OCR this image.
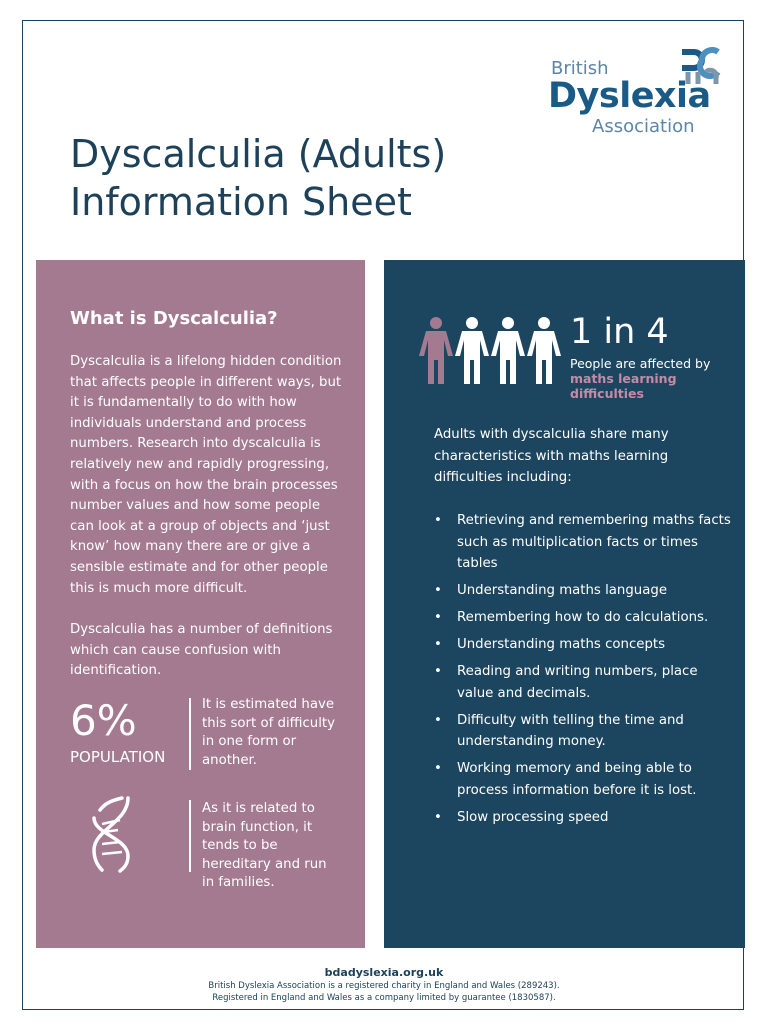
British
Dyslexia
Association
Dyscalculia (Adults)
Information Sheet
What is Dyscalculia?
Dyscalculia is a lifelong hidden condition that affects people in different ways, but it is fundamentally to do with how individuals understand and process numbers. Research into dyscalculia is relatively new and rapidly progressing, with a focus on how the brain processes number values and how some people can look at a group of objects and ‘just know’ how many there are or give a sensible estimate and for other people this is much more difficult.
Dyscalculia has a number of definitions which can cause confusion with identification.
6%
POPULATION
It is estimated have this sort of difficulty in one form or another.
As it is related to brain function, it tends to be hereditary and run in families.
1 in 4
People are affected by
maths learning difficulties
Adults with dyscalculia share many characteristics with maths learning difficulties including:
• Retrieving and remembering maths facts such as multiplication facts or times tables
• Understanding maths language
• Remembering how to do calculations.
• Understanding maths concepts
• Reading and writing numbers, place value and decimals.
• Difficulty with telling the time and understanding money.
• Working memory and being able to process information before it is lost.
• Slow processing speed
bdadyslexia.org.uk
British Dyslexia Association is a registered charity in England and Wales (289243).
Registered in England and Wales as a company limited by guarantee (1830587).
